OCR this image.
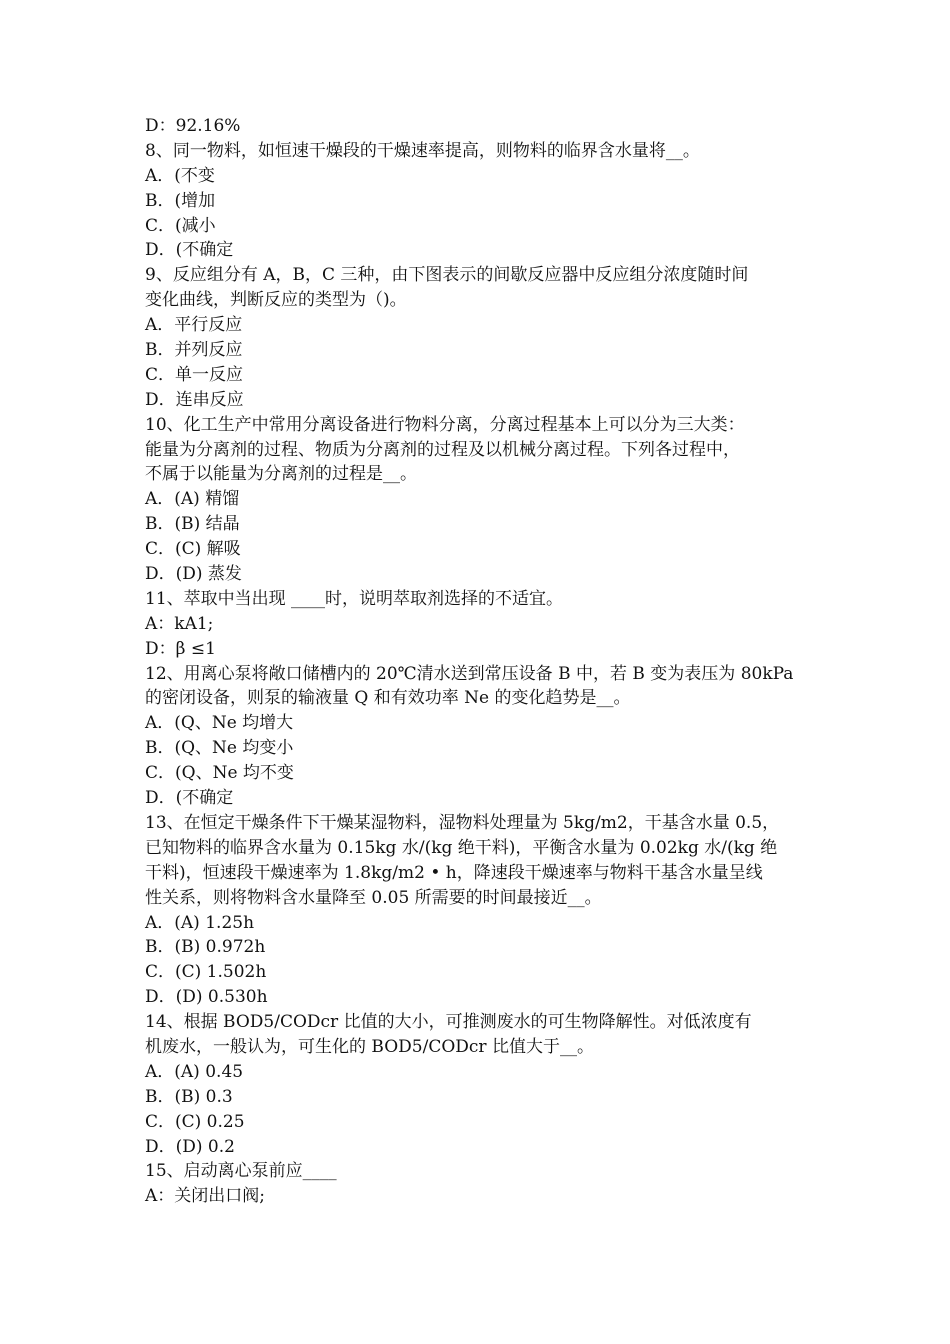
D：92.16%
8、同一物料，如恒速干燥段的干燥速率提高，则物料的临界含水量将__。
A．(不变
B．(增加
C．(减小
D．(不确定
9、反应组分有 A，B，C 三种，由下图表示的间歇反应器中反应组分浓度随时间
变化曲线，判断反应的类型为（)。
A．平行反应
B．并列反应
C．单一反应
D．连串反应
10、化工生产中常用分离设备进行物料分离，分离过程基本上可以分为三大类：
能量为分离剂的过程、物质为分离剂的过程及以机械分离过程。下列各过程中，
不属于以能量为分离剂的过程是__。
A．(A) 精馏
B．(B) 结晶
C．(C) 解吸
D．(D) 蒸发
11、萃取中当出现 ____时，说明萃取剂选择的不适宜。
A：kA1;
D：β ≤1
12、用离心泵将敞口储槽内的 20℃清水送到常压设备 B 中，若 B 变为表压为 80kPa
的密闭设备，则泵的输液量 Q 和有效功率 Ne 的变化趋势是__。
A．(Q、Ne 均增大
B．(Q、Ne 均变小
C．(Q、Ne 均不变
D．(不确定
13、在恒定干燥条件下干燥某湿物料，湿物料处理量为 5kg/m2，干基含水量 0.5，
已知物料的临界含水量为 0.15kg 水/(kg 绝干料)，平衡含水量为 0.02kg 水/(kg 绝
干料)，恒速段干燥速率为 1.8kg/m2 • h，降速段干燥速率与物料干基含水量呈线
性关系，则将物料含水量降至 0.05 所需要的时间最接近__。
A．(A) 1.25h
B．(B) 0.972h
C．(C) 1.502h
D．(D) 0.530h
14、根据 BOD5/CODcr 比值的大小，可推测废水的可生物降解性。对低浓度有
机废水，一般认为，可生化的 BOD5/CODcr 比值大于__。
A．(A) 0.45
B．(B) 0.3
C．(C) 0.25
D．(D) 0.2
15、启动离心泵前应____
A：关闭出口阀;
